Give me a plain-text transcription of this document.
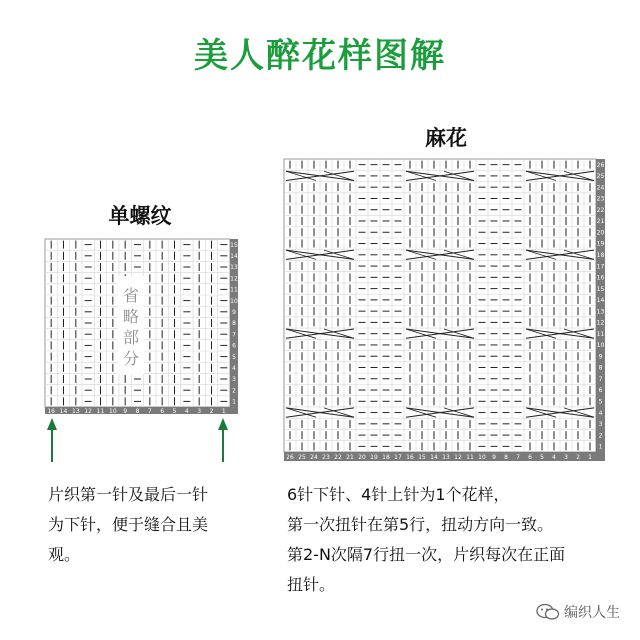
美人醉花样图解
单螺纹
麻花
15
14
13
12
11
10
9
8
7
6
5
4
3
2
1
16 14 13 12 11 10 9 8 7 6 5 4 3 2 1
省
略
部
分
26
25
24
23
22
21
20
19
18
17
16
15
14
13
12
11
10
9
8
7
6
5
4
3
2
1
26 25 24 23 22 21 20 19 18 17 16 15 14 13 12 11 10 9 8 7 6 5 4 3 2 1
片织第一针及最后一针
为下针，便于缝合且美
观。
6针下针、4针上针为1个花样，
第一次扭针在第5行，扭动方向一致。
第2-N次隔7行扭一次，片织每次在正面
扭针。
编织人生
